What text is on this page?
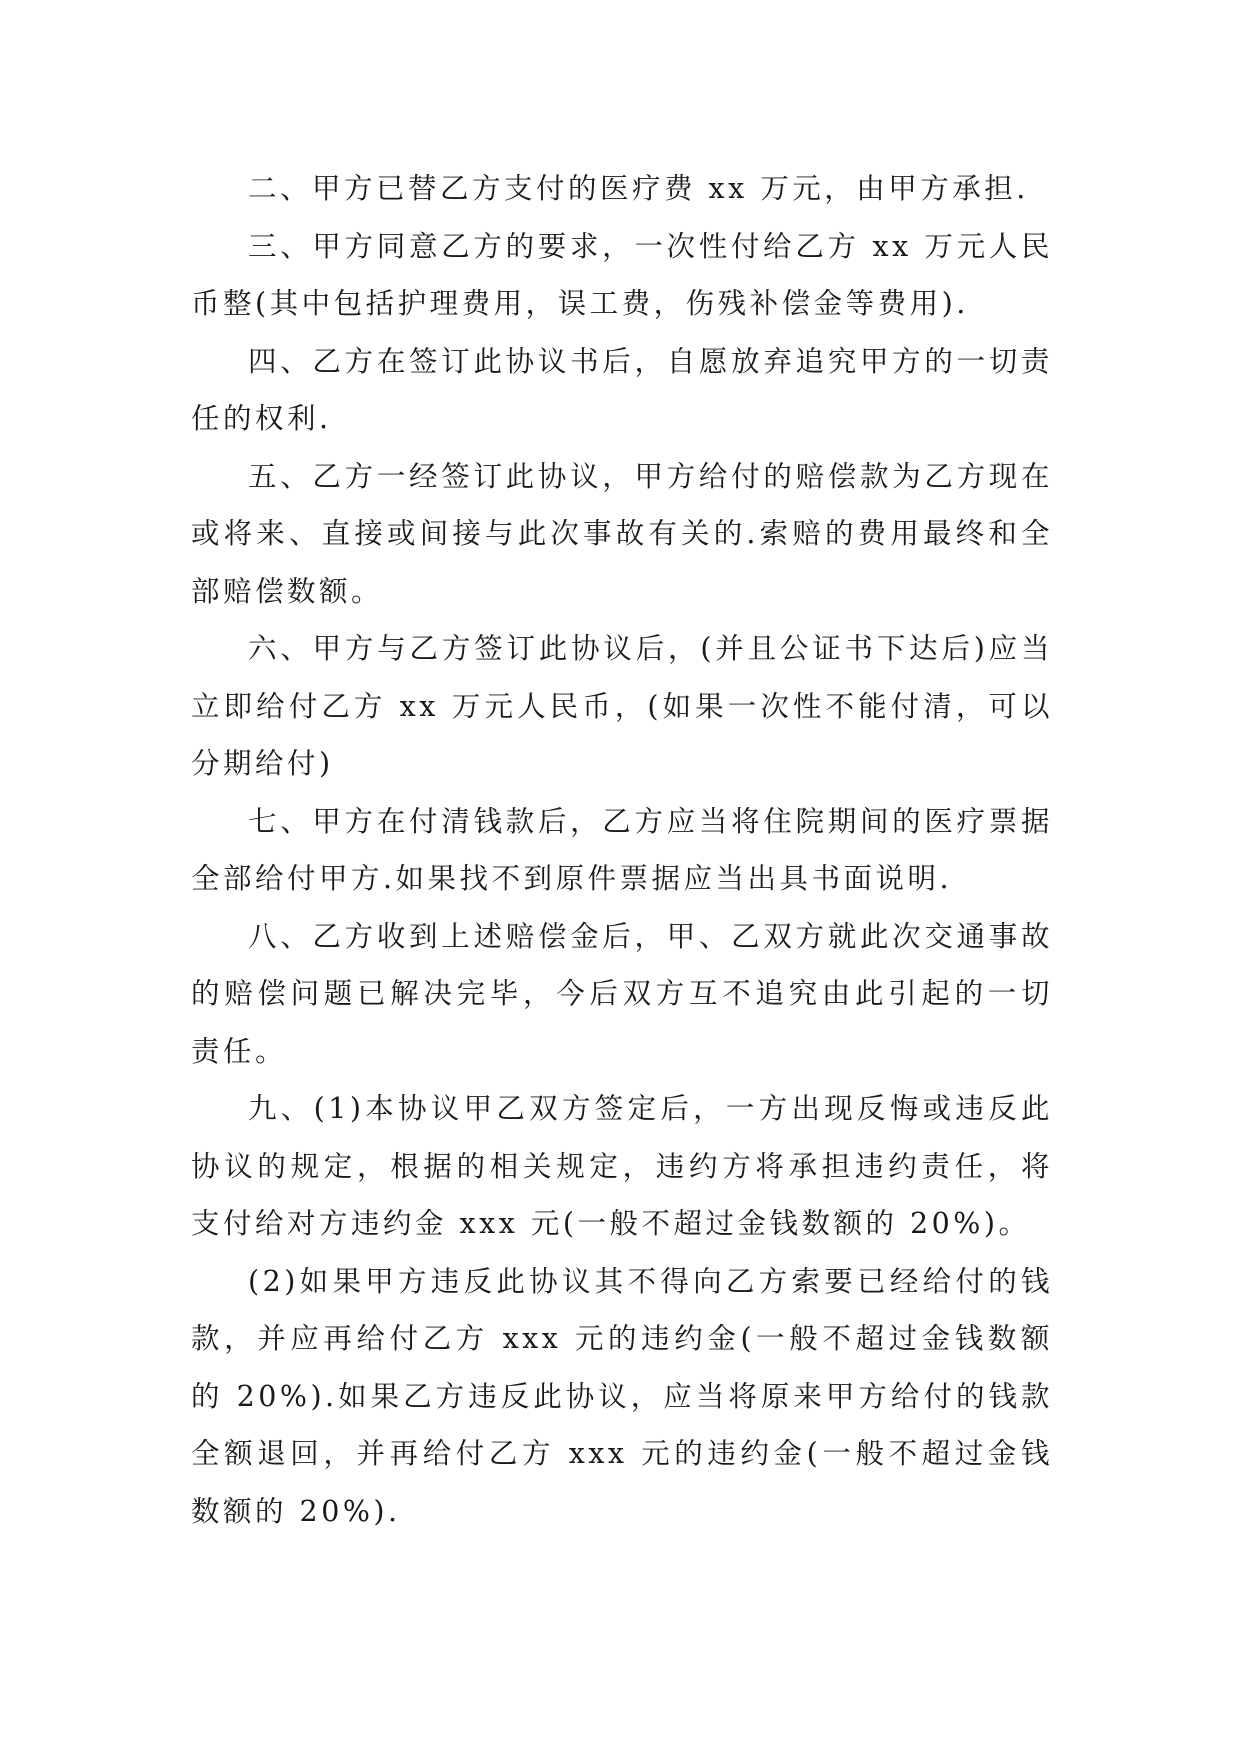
二、甲方已替乙方支付的医疗费 xx 万元，由甲方承担.

三、甲方同意乙方的要求，一次性付给乙方 xx 万元人民币整(其中包括护理费用，误工费，伤残补偿金等费用).

四、乙方在签订此协议书后，自愿放弃追究甲方的一切责任的权利.

五、乙方一经签订此协议，甲方给付的赔偿款为乙方现在或将来、直接或间接与此次事故有关的.索赔的费用最终和全部赔偿数额。

六、甲方与乙方签订此协议后，(并且公证书下达后)应当立即给付乙方 xx 万元人民币，(如果一次性不能付清，可以分期给付)

七、甲方在付清钱款后，乙方应当将住院期间的医疗票据全部给付甲方.如果找不到原件票据应当出具书面说明.

八、乙方收到上述赔偿金后，甲、乙双方就此次交通事故的赔偿问题已解决完毕，今后双方互不追究由此引起的一切责任。

九、(1)本协议甲乙双方签定后，一方出现反悔或违反此协议的规定，根据的相关规定，违约方将承担违约责任，将支付给对方违约金 xxx 元(一般不超过金钱数额的 20%)。

(2)如果甲方违反此协议其不得向乙方索要已经给付的钱款，并应再给付乙方 xxx 元的违约金(一般不超过金钱数额的 20%).如果乙方违反此协议，应当将原来甲方给付的钱款全额退回，并再给付乙方 xxx 元的违约金(一般不超过金钱数额的 20%).
